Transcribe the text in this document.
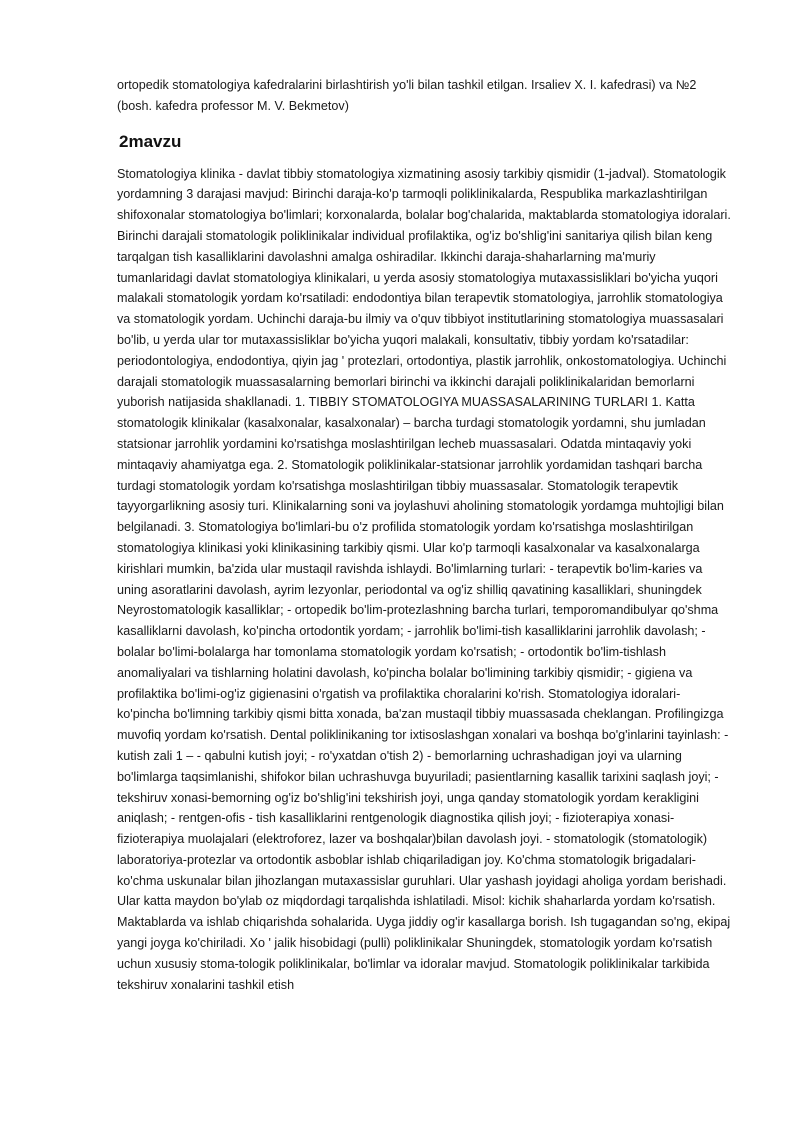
ortopedik stomatologiya kafedralarini birlashtirish yo'li bilan tashkil etilgan. Irsaliev X. I. kafedrasi) va №2 (bosh. kafedra professor M. V. Bekmetov)

2mavzu

Stomatologiya klinika - davlat tibbiy stomatologiya xizmatining asosiy tarkibiy qismidir (1-jadval). Stomatologik yordamning 3 darajasi mavjud: Birinchi daraja-ko'p tarmoqli poliklinikalarda, Respublika markazlashtirilgan shifoxonalar stomatologiya bo'limlari; korxonalarda, bolalar bog'chalarida, maktablarda stomatologiya idoralari. Birinchi darajali stomatologik poliklinikalar individual profilaktika, og'iz bo'shlig'ini sanitariya qilish bilan keng tarqalgan tish kasalliklarini davolashni amalga oshiradilar. Ikkinchi daraja-shaharlarning ma'muriy tumanlaridagi davlat stomatologiya klinikalari, u yerda asosiy stomatologiya mutaxassisliklari bo'yicha yuqori malakali stomatologik yordam ko'rsatiladi: endodontiya bilan terapevtik stomatologiya, jarrohlik stomatologiya va stomatologik yordam. Uchinchi daraja-bu ilmiy va o'quv tibbiyot institutlarining stomatologiya muassasalari bo'lib, u yerda ular tor mutaxassisliklar bo'yicha yuqori malakali, konsultativ, tibbiy yordam ko'rsatadilar: periodontologiya, endodontiya, qiyin jag ' protezlari, ortodontiya, plastik jarrohlik, onkostomatologiya. Uchinchi darajali stomatologik muassasalarning bemorlari birinchi va ikkinchi darajali poliklinikalaridan bemorlarni yuborish natijasida shakllanadi. 1. TIBBIY STOMATOLOGIYA MUASSASALARINING TURLARI 1. Katta stomatologik klinikalar (kasalxonalar, kasalxonalar) – barcha turdagi stomatologik yordamni, shu jumladan statsionar jarrohlik yordamini ko'rsatishga moslashtirilgan lecheb muassasalari. Odatda mintaqaviy yoki mintaqaviy ahamiyatga ega. 2. Stomatologik poliklinikalar-statsionar jarrohlik yordamidan tashqari barcha turdagi stomatologik yordam ko'rsatishga moslashtirilgan tibbiy muassasalar. Stomatologik terapevtik tayyorgarlikning asosiy turi. Klinikalarning soni va joylashuvi aholining stomatologik yordamga muhtojligi bilan belgilanadi. 3. Stomatologiya bo'limlari-bu o'z profilida stomatologik yordam ko'rsatishga moslashtirilgan stomatologiya klinikasi yoki klinikasining tarkibiy qismi. Ular ko'p tarmoqli kasalxonalar va kasalxonalarga kirishlari mumkin, ba'zida ular mustaqil ravishda ishlaydi. Bo'limlarning turlari: - terapevtik bo'lim-karies va uning asoratlarini davolash, ayrim lezyonlar, periodontal va og'iz shilliq qavatining kasalliklari, shuningdek Neyrostomatologik kasalliklar; - ortopedik bo'lim-protezlashning barcha turlari, temporomandibulyar qo'shma kasalliklarni davolash, ko'pincha ortodontik yordam; - jarrohlik bo'limi-tish kasalliklarini jarrohlik davolash; - bolalar bo'limi-bolalarga har tomonlama stomatologik yordam ko'rsatish; - ortodontik bo'lim-tishlash anomaliyalari va tishlarning holatini davolash, ko'pincha bolalar bo'limining tarkibiy qismidir; - gigiena va profilaktika bo'limi-og'iz gigienasini o'rgatish va profilaktika choralarini ko'rish. Stomatologiya idoralari-ko'pincha bo'limning tarkibiy qismi bitta xonada, ba'zan mustaqil tibbiy muassasada cheklangan. Profilingizga muvofiq yordam ko'rsatish. Dental poliklinikaning tor ixtisoslashgan xonalari va boshqa bo'g'inlarini tayinlash: - kutish zali 1 – - qabulni kutish joyi; - ro'yxatdan o'tish 2) - bemorlarning uchrashadigan joyi va ularning bo'limlarga taqsimlanishi, shifokor bilan uchrashuvga buyuriladi; pasientlarning kasallik tarixini saqlash joyi; - tekshiruv xonasi-bemorning og'iz bo'shlig'ini tekshirish joyi, unga qanday stomatologik yordam kerakligini aniqlash; - rentgen-ofis - tish kasalliklarini rentgenologik diagnostika qilish joyi; - fizioterapiya xonasi-fizioterapiya muolajalari (elektroforez, lazer va boshqalar)bilan davolash joyi. - stomatologik (stomatologik) laboratoriya-protezlar va ortodontik asboblar ishlab chiqariladigan joy. Ko'chma stomatologik brigadalari-ko'chma uskunalar bilan jihozlangan mutaxassislar guruhlari. Ular yashash joyidagi aholiga yordam berishadi. Ular katta maydon bo'ylab oz miqdordagi tarqalishda ishlatiladi. Misol: kichik shaharlarda yordam ko'rsatish. Maktablarda va ishlab chiqarishda sohalarida. Uyga jiddiy og'ir kasallarga borish. Ish tugagandan so'ng, ekipaj yangi joyga ko'chiriladi. Xo ' jalik hisobidagi (pulli) poliklinikalar Shuningdek, stomatologik yordam ko'rsatish uchun xususiy stoma-tologik poliklinikalar, bo'limlar va idoralar mavjud. Stomatologik poliklinikalar tarkibida tekshiruv xonalarini tashkil etish
